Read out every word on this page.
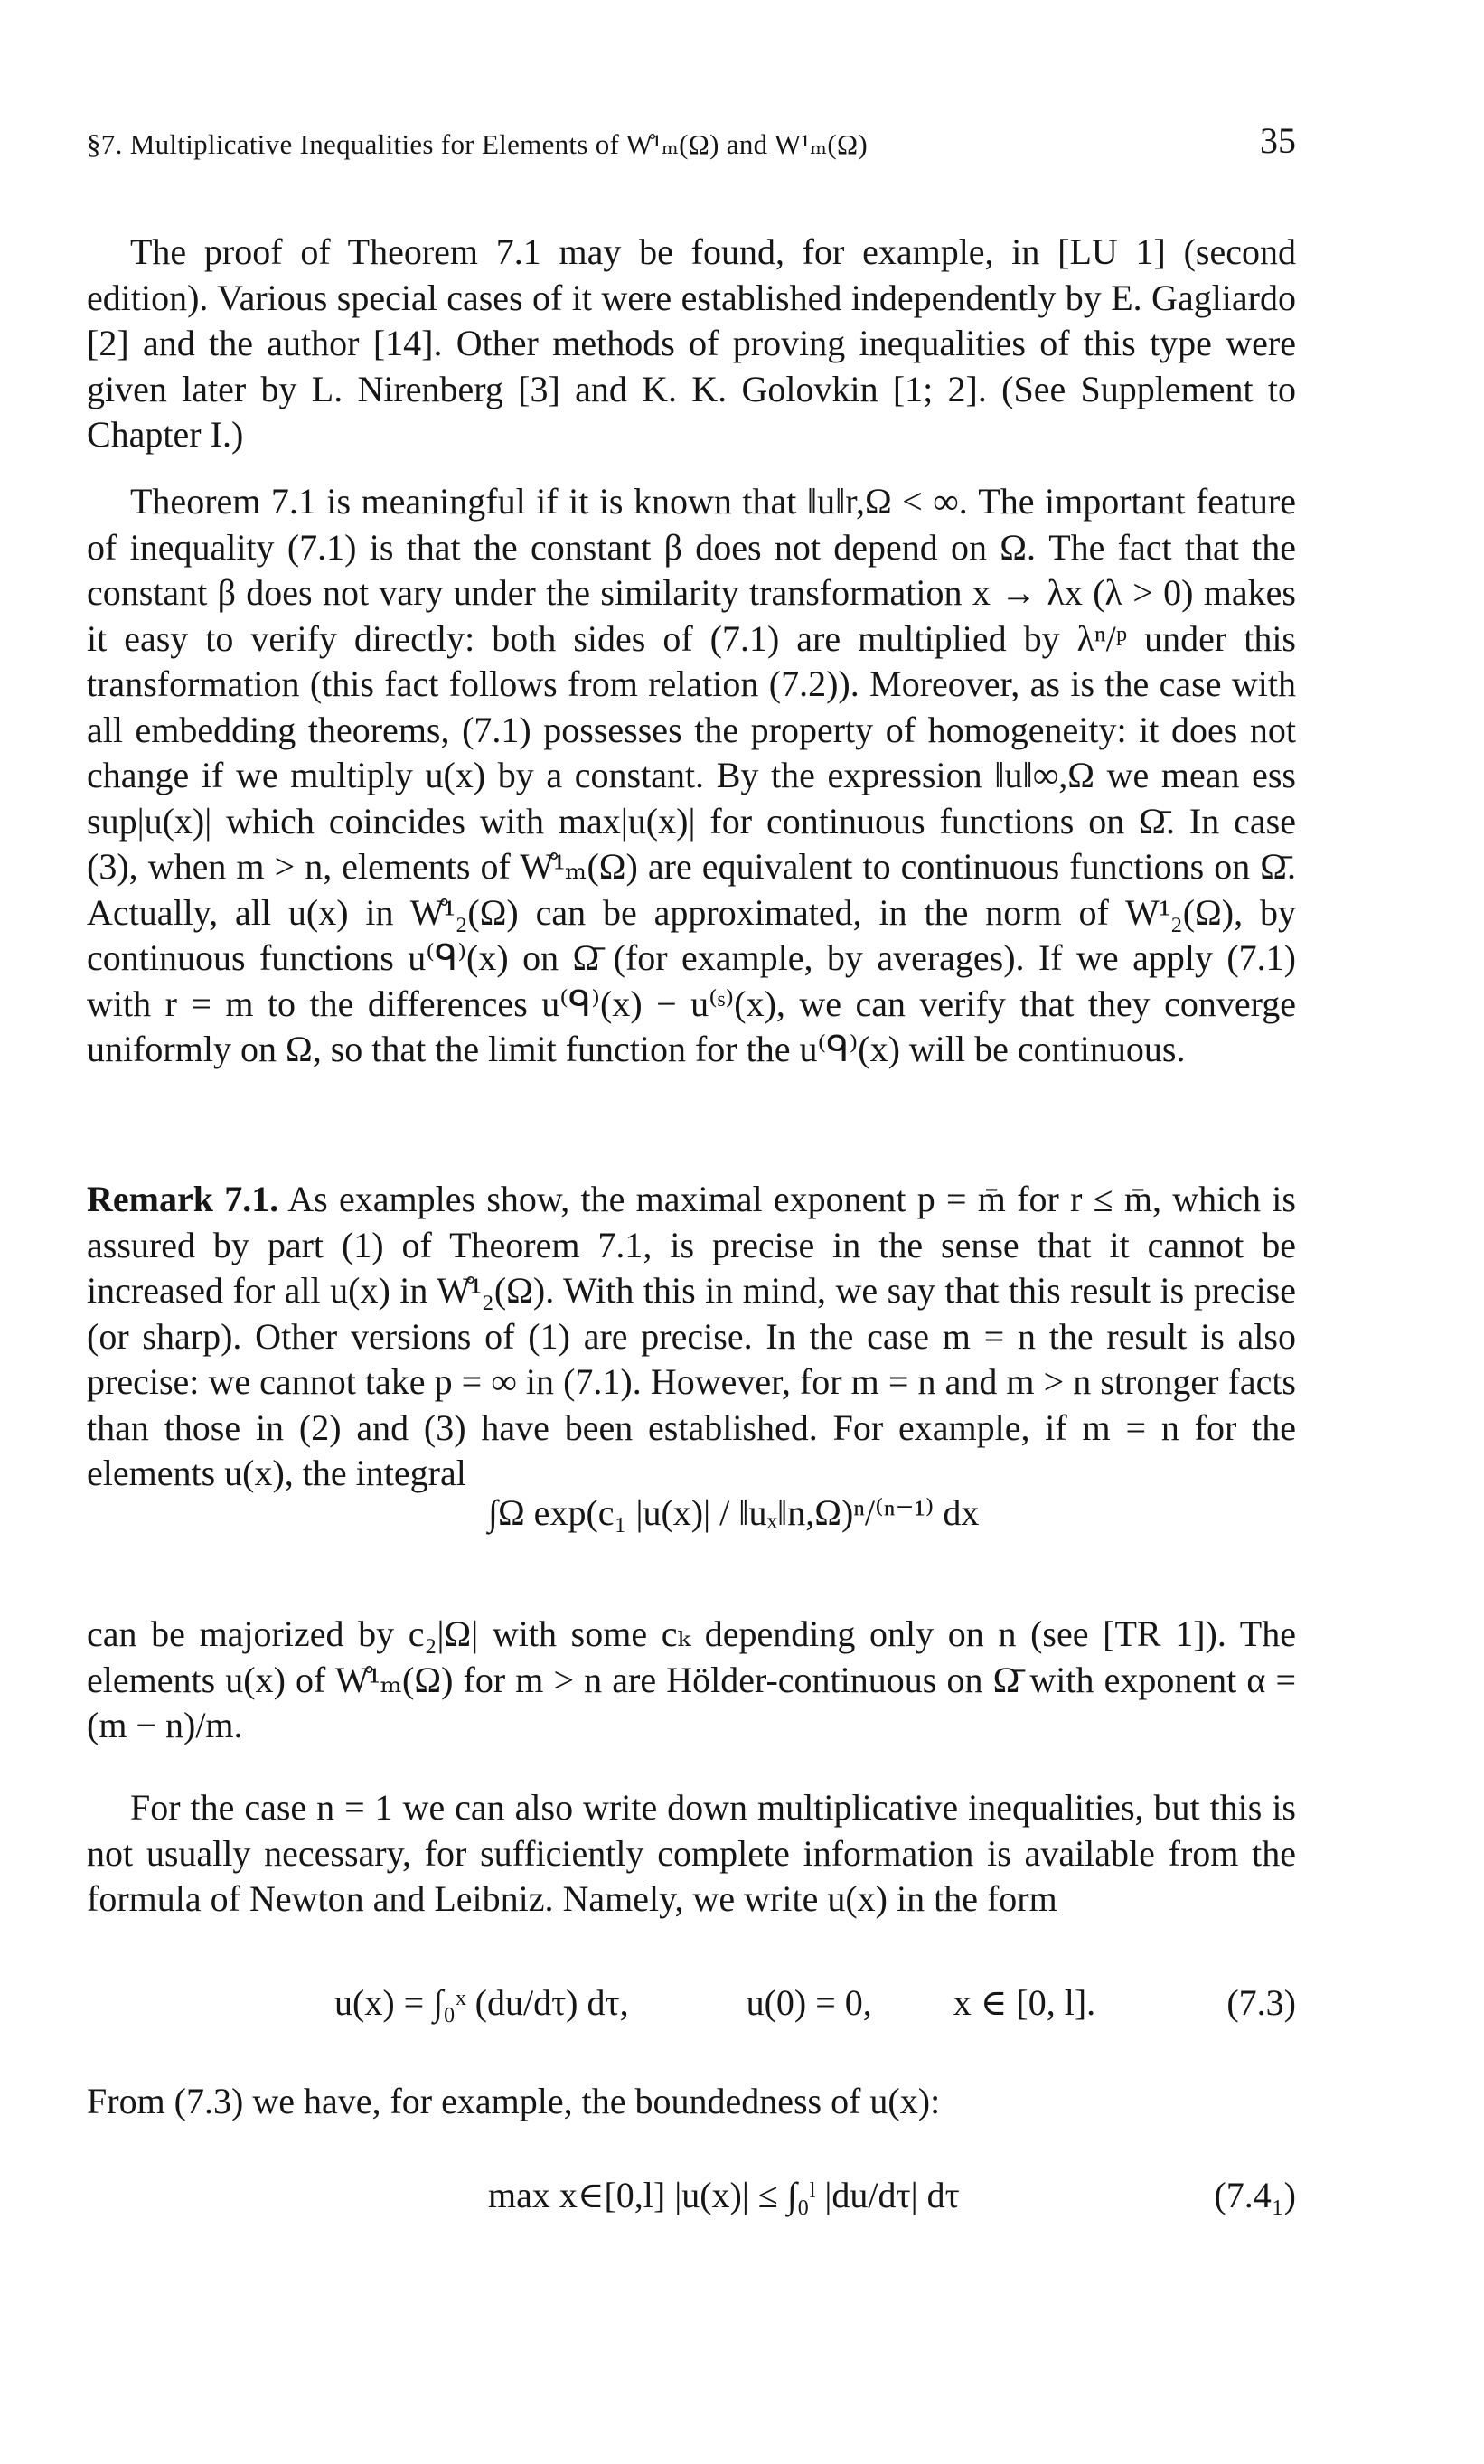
§7. Multiplicative Inequalities for Elements of W̊¹ₘ(Ω) and W¹ₘ(Ω)	35

The proof of Theorem 7.1 may be found, for example, in [LU 1] (second edition). Various special cases of it were established independently by E. Gagliardo [2] and the author [14]. Other methods of proving inequalities of this type were given later by L. Nirenberg [3] and K. K. Golovkin [1; 2]. (See Supplement to Chapter I.)

Theorem 7.1 is meaningful if it is known that ‖u‖r,Ω < ∞. The important feature of inequality (7.1) is that the constant β does not depend on Ω. The fact that the constant β does not vary under the similarity transformation x → λx (λ > 0) makes it easy to verify directly: both sides of (7.1) are multiplied by λⁿ/ᵖ under this transformation (this fact follows from relation (7.2)). Moreover, as is the case with all embedding theorems, (7.1) possesses the property of homogeneity: it does not change if we multiply u(x) by a constant. By the expression ‖u‖∞,Ω we mean ess sup|u(x)| which coincides with max|u(x)| for continuous functions on Ω̄. In case (3), when m > n, elements of W̊¹ₘ(Ω) are equivalent to continuous functions on Ω̄. Actually, all u(x) in W̊¹₂(Ω) can be approximated, in the norm of W¹₂(Ω), by continuous functions u⁽ᑫ⁾(x) on Ω̄ (for example, by averages). If we apply (7.1) with r = m to the differences u⁽ᑫ⁾(x) − u⁽ˢ⁾(x), we can verify that they converge uniformly on Ω, so that the limit function for the u⁽ᑫ⁾(x) will be continuous.

Remark 7.1. As examples show, the maximal exponent p = m̄ for r ≤ m̄, which is assured by part (1) of Theorem 7.1, is precise in the sense that it cannot be increased for all u(x) in W̊¹₂(Ω). With this in mind, we say that this result is precise (or sharp). Other versions of (1) are precise. In the case m = n the result is also precise: we cannot take p = ∞ in (7.1). However, for m = n and m > n stronger facts than those in (2) and (3) have been established. For example, if m = n for the elements u(x), the integral

∫Ω exp(c₁ |u(x)| / ‖uₓ‖n,Ω)ⁿ/⁽ⁿ⁻¹⁾ dx

can be majorized by c₂|Ω| with some cₖ depending only on n (see [TR 1]). The elements u(x) of W̊¹ₘ(Ω) for m > n are Hölder-continuous on Ω̄ with exponent α = (m − n)/m.

For the case n = 1 we can also write down multiplicative inequalities, but this is not usually necessary, for sufficiently complete information is available from the formula of Newton and Leibniz. Namely, we write u(x) in the form

u(x) = ∫₀ˣ (du/dτ) dτ,	u(0) = 0, x ∈ [0, l].	(7.3)

From (7.3) we have, for example, the boundedness of u(x):

max x∈[0,l] |u(x)| ≤ ∫₀ˡ |du/dτ| dτ	(7.4₁)
